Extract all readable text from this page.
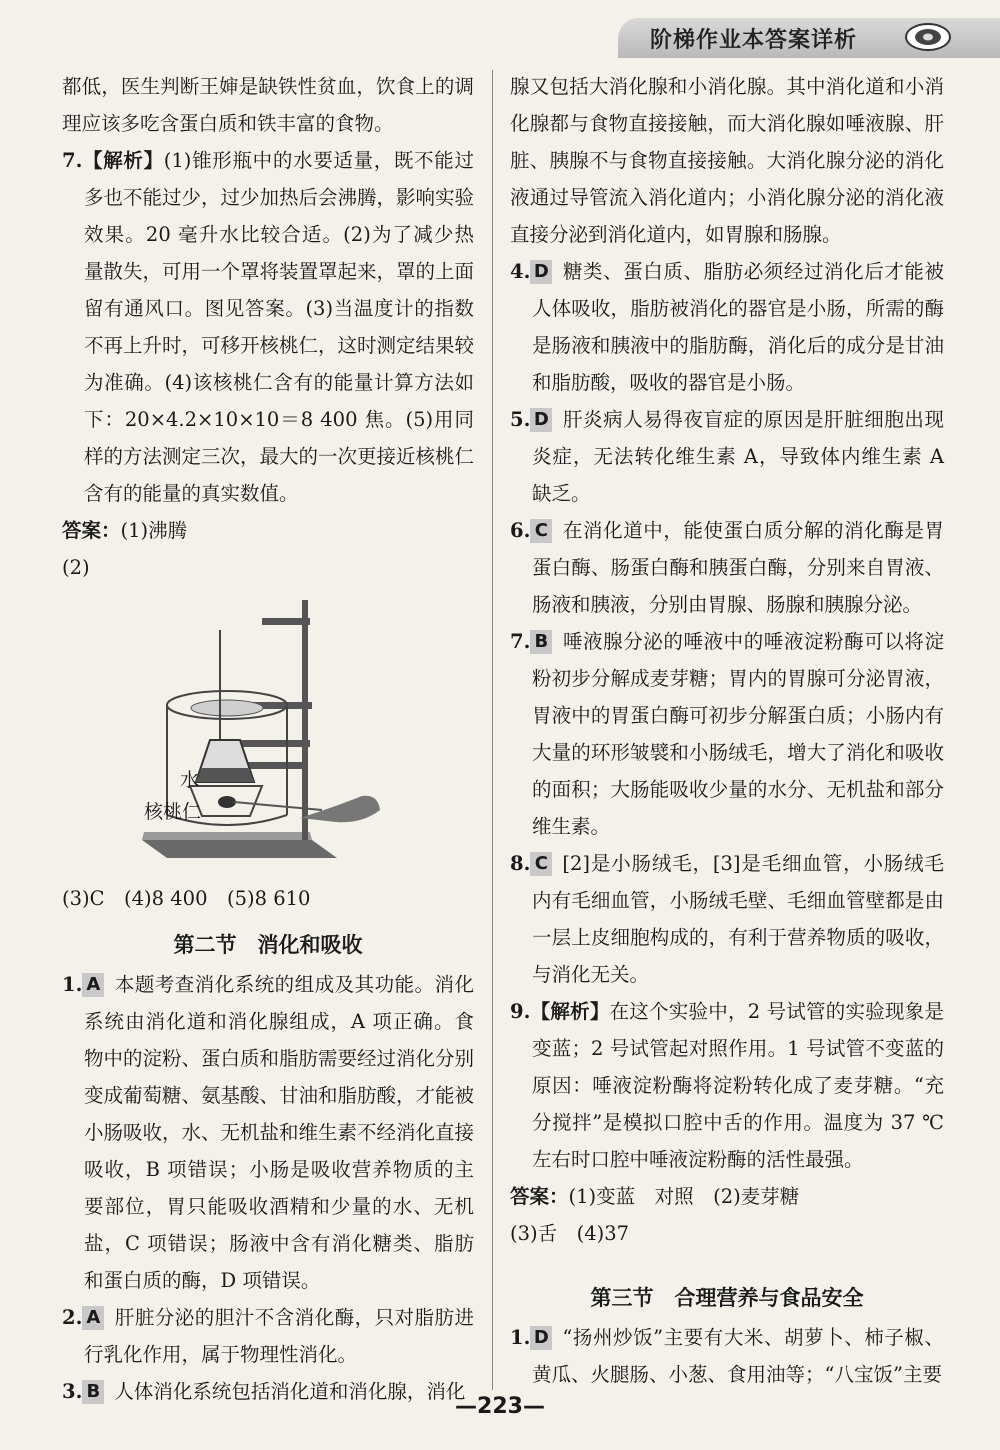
阶梯作业本答案详析

都低，医生判断王婶是缺铁性贫血，饮食上的调理应该多吃含蛋白质和铁丰富的食物。

7.【解析】(1)锥形瓶中的水要适量，既不能过多也不能过少，过少加热后会沸腾，影响实验效果。20 毫升水比较合适。(2)为了减少热量散失，可用一个罩将装置罩起来，罩的上面留有通风口。图见答案。(3)当温度计的指数不再上升时，可移开核桃仁，这时测定结果较为准确。(4)该核桃仁含有的能量计算方法如下：20×4.2×10×10＝8 400 焦。(5)用同样的方法测定三次，最大的一次更接近核桃仁含有的能量的真实数值。

答案：(1)沸腾

(2)

水
核桃仁

(3)C　(4)8 400　(5)8 610

第二节　消化和吸收

1. A 本题考查消化系统的组成及其功能。消化系统由消化道和消化腺组成，A 项正确。食物中的淀粉、蛋白质和脂肪需要经过消化分别变成葡萄糖、氨基酸、甘油和脂肪酸，才能被小肠吸收，水、无机盐和维生素不经消化直接吸收，B 项错误；小肠是吸收营养物质的主要部位，胃只能吸收酒精和少量的水、无机盐，C 项错误；肠液中含有消化糖类、脂肪和蛋白质的酶，D 项错误。

2. A 肝脏分泌的胆汁不含消化酶，只对脂肪进行乳化作用，属于物理性消化。

3. B 人体消化系统包括消化道和消化腺，消化

腺又包括大消化腺和小消化腺。其中消化道和小消化腺都与食物直接接触，而大消化腺如唾液腺、肝脏、胰腺不与食物直接接触。大消化腺分泌的消化液通过导管流入消化道内；小消化腺分泌的消化液直接分泌到消化道内，如胃腺和肠腺。

4. D 糖类、蛋白质、脂肪必须经过消化后才能被人体吸收，脂肪被消化的器官是小肠，所需的酶是肠液和胰液中的脂肪酶，消化后的成分是甘油和脂肪酸，吸收的器官是小肠。

5. D 肝炎病人易得夜盲症的原因是肝脏细胞出现炎症，无法转化维生素 A，导致体内维生素 A 缺乏。

6. C 在消化道中，能使蛋白质分解的消化酶是胃蛋白酶、肠蛋白酶和胰蛋白酶，分别来自胃液、肠液和胰液，分别由胃腺、肠腺和胰腺分泌。

7. B 唾液腺分泌的唾液中的唾液淀粉酶可以将淀粉初步分解成麦芽糖；胃内的胃腺可分泌胃液，胃液中的胃蛋白酶可初步分解蛋白质；小肠内有大量的环形皱襞和小肠绒毛，增大了消化和吸收的面积；大肠能吸收少量的水分、无机盐和部分维生素。

8. C [2]是小肠绒毛，[3]是毛细血管，小肠绒毛内有毛细血管，小肠绒毛壁、毛细血管壁都是由一层上皮细胞构成的，有利于营养物质的吸收，与消化无关。

9.【解析】在这个实验中，2 号试管的实验现象是变蓝；2 号试管起对照作用。1 号试管不变蓝的原因：唾液淀粉酶将淀粉转化成了麦芽糖。“充分搅拌”是模拟口腔中舌的作用。温度为 37 ℃左右时口腔中唾液淀粉酶的活性最强。

答案：(1)变蓝　对照　(2)麦芽糖

(3)舌　(4)37

第三节　合理营养与食品安全

1. D “扬州炒饭”主要有大米、胡萝卜、柿子椒、黄瓜、火腿肠、小葱、食用油等；“八宝饭”主要

—223—
